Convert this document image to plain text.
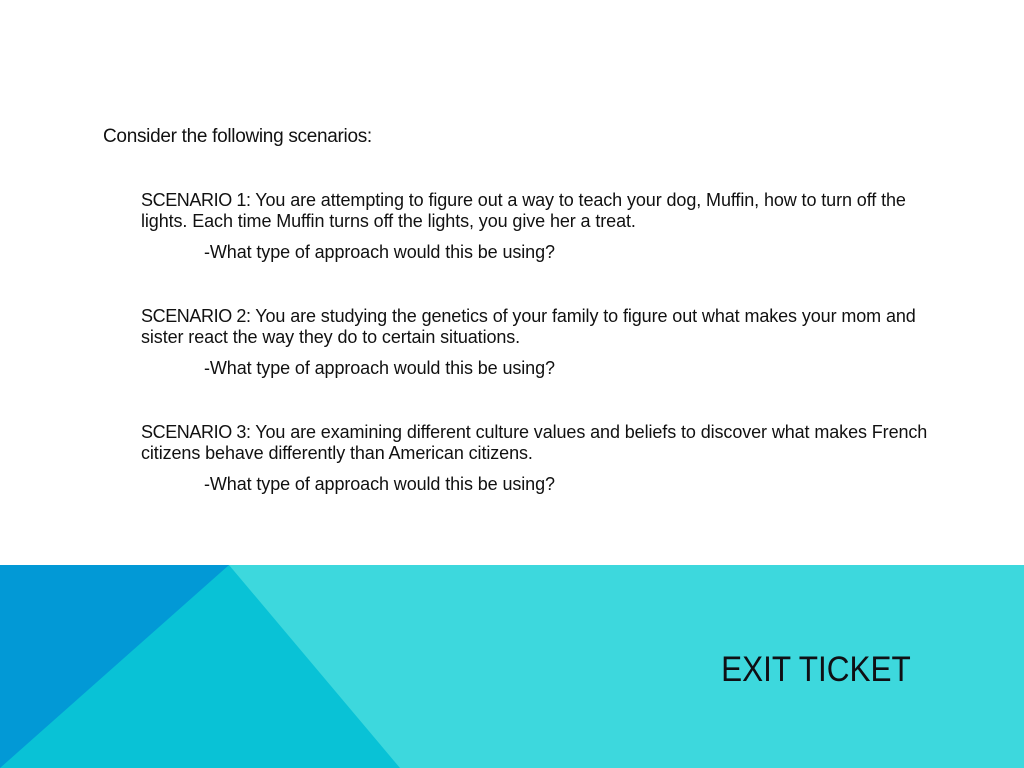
Consider the following scenarios:
SCENARIO 1: You are attempting to figure out a way to teach your dog, Muffin, how to turn off the lights. Each time Muffin turns off the lights, you give her a treat.
-What type of approach would this be using?
SCENARIO 2: You are studying the genetics of your family to figure out what makes your mom and sister react the way they do to certain situations.
-What type of approach would this be using?
SCENARIO 3: You are examining different culture values and beliefs to discover what makes French citizens behave differently than American citizens.
-What type of approach would this be using?
EXIT TICKET
